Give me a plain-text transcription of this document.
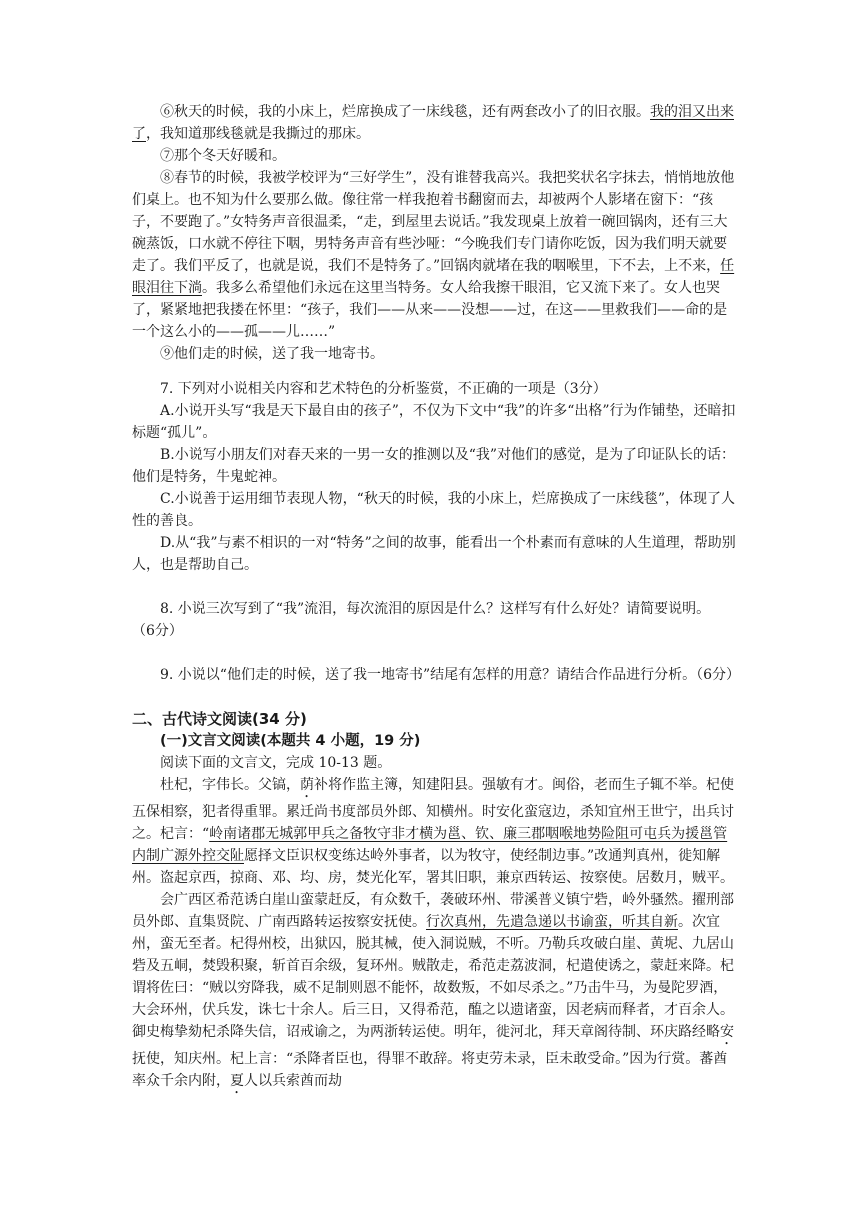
⑥秋天的时候，我的小床上，烂席换成了一床线毯，还有两套改小了的旧衣服。我的泪又出来了，我知道那线毯就是我撕过的那床。

⑦那个冬天好暖和。

⑧春节的时候，我被学校评为“三好学生”，没有谁替我高兴。我把奖状名字抹去，悄悄地放他们桌上。也不知为什么要那么做。像往常一样我抱着书翻窗而去，却被两个人影堵在窗下：“孩子，不要跑了。”女特务声音很温柔，“走，到屋里去说话。”我发现桌上放着一碗回锅肉，还有三大碗蒸饭，口水就不停往下咽，男特务声音有些沙哑：“今晚我们专门请你吃饭，因为我们明天就要走了。我们平反了，也就是说，我们不是特务了。”回锅肉就堵在我的咽喉里，下不去，上不来，任眼泪往下淌。我多么希望他们永远在这里当特务。女人给我擦干眼泪，它又流下来了。女人也哭了，紧紧地把我搂在怀里：“孩子，我们——从来——没想——过，在这——里救我们——命的是一个这么小的——孤——儿……”

⑨他们走的时候，送了我一地寄书。

7. 下列对小说相关内容和艺术特色的分析鉴赏，不正确的一项是（3分）

A.小说开头写“我是天下最自由的孩子”，不仅为下文中“我”的许多“出格”行为作铺垫，还暗扣标题“孤儿”。

B.小说写小朋友们对春天来的一男一女的推测以及“我”对他们的感觉，是为了印证队长的话：他们是特务，牛鬼蛇神。

C.小说善于运用细节表现人物，“秋天的时候，我的小床上，烂席换成了一床线毯”，体现了人性的善良。

D.从“我”与素不相识的一对“特务”之间的故事，能看出一个朴素而有意味的人生道理，帮助别人，也是帮助自己。

8. 小说三次写到了“我”流泪，每次流泪的原因是什么？这样写有什么好处？请简要说明。 （6分）

9. 小说以“他们走的时候，送了我一地寄书”结尾有怎样的用意？请结合作品进行分析。（6分）

二、古代诗文阅读(34 分)

(一)文言文阅读(本题共 4 小题，19 分)

阅读下面的文言文，完成 10-13 题。

杜杞，字伟长。父镐，荫补将作监主簿，知建阳县。强敏有才。闽俗，老而生子辄不举。杞使五保相察，犯者得重罪。累迁尚书度部员外郎、知横州。时安化蛮寇边，杀知宜州王世宁，出兵讨之。杞言：“岭南诸郡无城郭甲兵之备牧守非才横为邕、钦、廉三郡咽喉地势险阻可屯兵为援邕管内制广源外控交阯愿择文臣识权变练达岭外事者，以为牧守，使经制边事。”改通判真州，徙知解州。盗起京西，掠商、邓、均、房，焚光化军，署其旧职，兼京西转运、按察使。居数月，贼平。

会广西区希范诱白崖山蛮蒙赶反，有众数千，袭破环州、带溪普义镇宁砦，岭外骚然。擢刑部员外郎、直集贤院、广南西路转运按察安抚使。行次真州，先遣急递以书谕蛮，听其自新。次宜州，蛮无至者。杞得州校，出狱囚，脱其械，使入洞说贼，不听。乃勒兵攻破白崖、黄坭、九居山砦及五峒，焚毁积聚，斩首百余级，复环州。贼散走，希范走荔波洞，杞遣使诱之，蒙赶来降。杞谓将佐曰：“贼以穷降我，威不足制则恩不能怀，故数叛，不如尽杀之。”乃击牛马，为曼陀罗酒，大会环州，伏兵发，诛七十余人。后三日，又得希范，醢之以遗诸蛮，因老病而释者，才百余人。御史梅挚劾杞杀降失信，诏戒谕之，为两浙转运使。明年，徙河北，拜天章阁待制、环庆路经略安抚使，知庆州。杞上言：“杀降者臣也，得罪不敢辞。将吏劳未录，臣未敢受命。”因为行赏。蕃酋率众千余内附，夏人以兵索酋而劫
